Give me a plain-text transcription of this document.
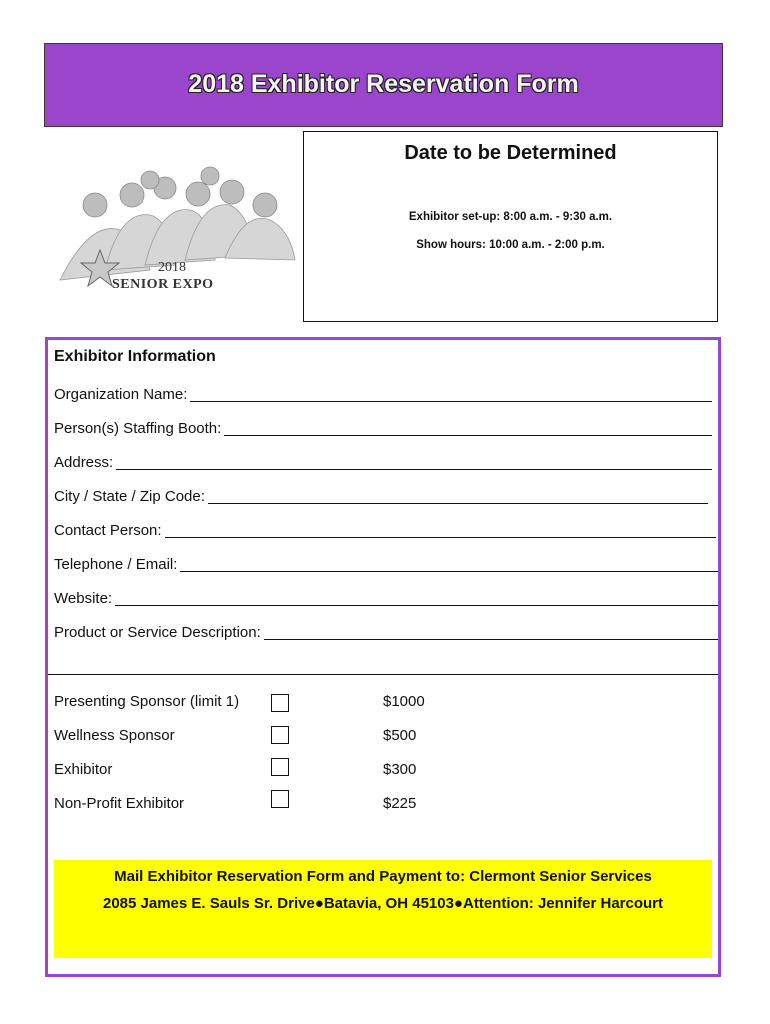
2018 Exhibitor Reservation Form
2018
SENIOR EXPO
Date to be Determined
Exhibitor set-up: 8:00 a.m. - 9:30 a.m.
Show hours: 10:00 a.m. - 2:00 p.m.
Exhibitor Information
Organization Name:
Person(s) Staffing Booth:
Address:
City / State / Zip Code:
Contact Person:
Telephone / Email:
Website:
Product or Service Description:
Presenting Sponsor (limit 1)	$1000
Wellness Sponsor	$500
Exhibitor	$300
Non-Profit Exhibitor	$225
Mail Exhibitor Reservation Form and Payment to: Clermont Senior Services
2085 James E. Sauls Sr. Drive●Batavia, OH 45103●Attention: Jennifer Harcourt
